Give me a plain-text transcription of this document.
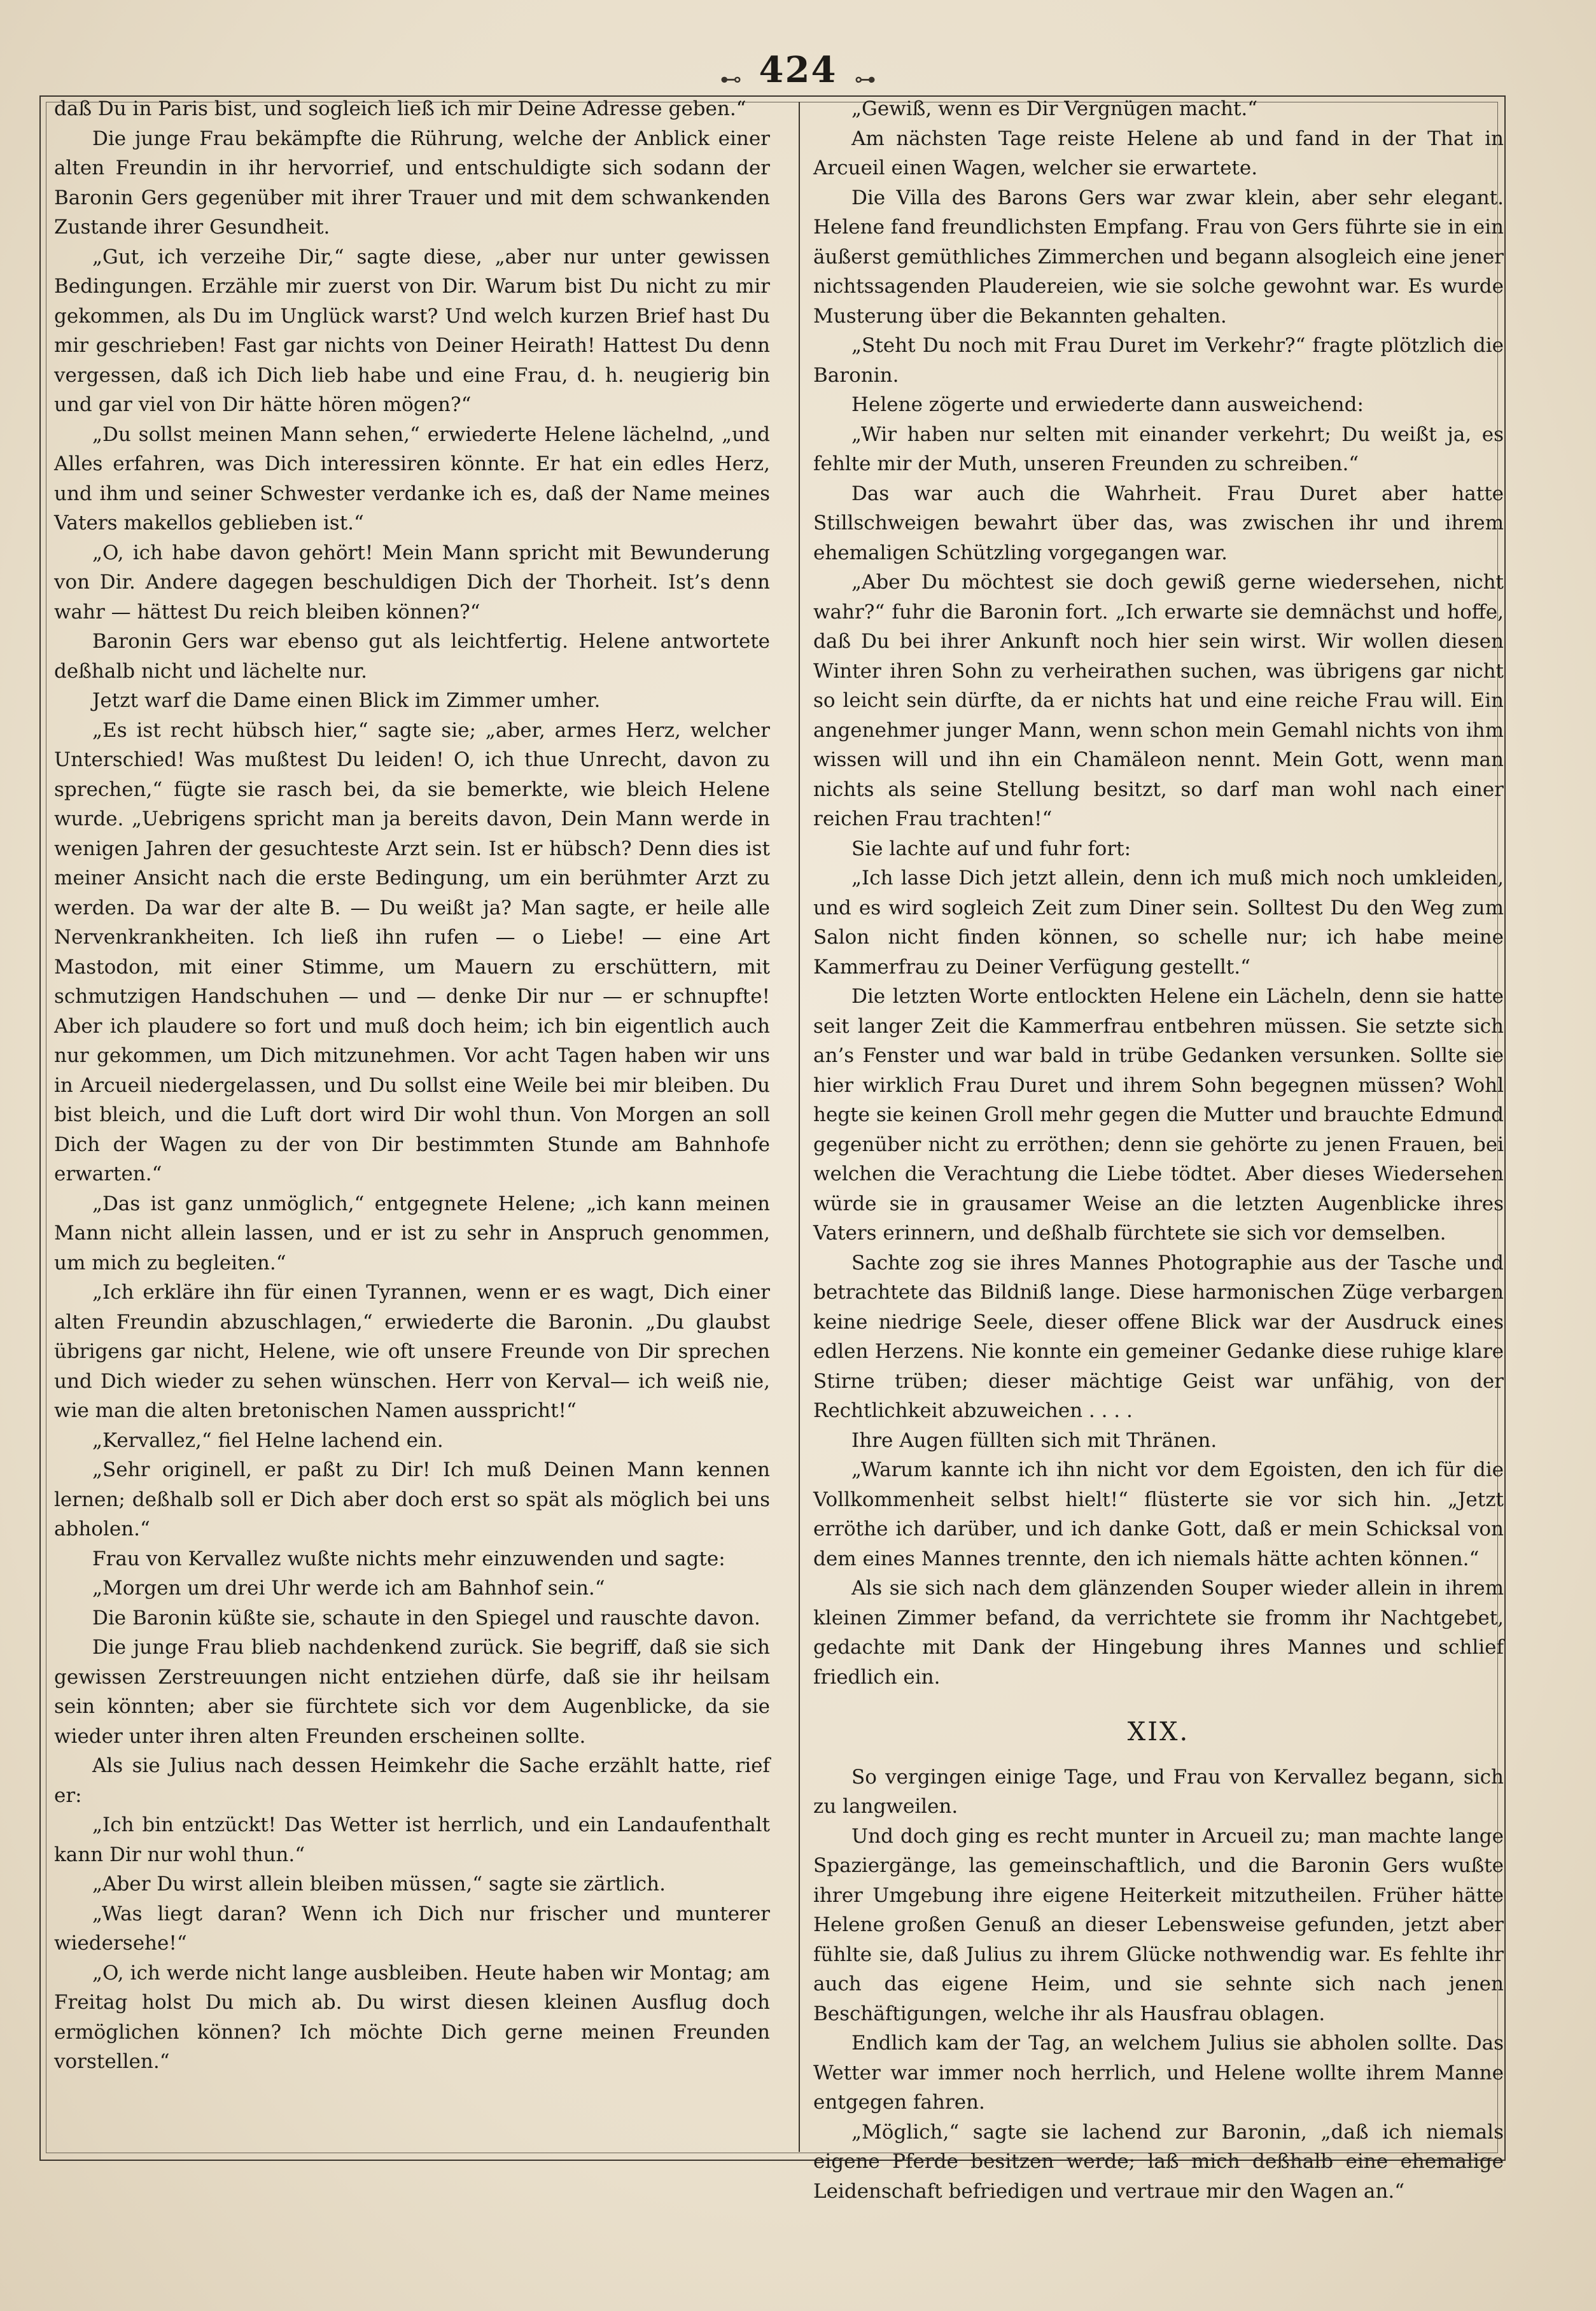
⊷ 424 ⊶

daß Du in Paris bist, und sogleich ließ ich mir Deine Adresse geben.“

Die junge Frau bekämpfte die Rührung, welche der Anblick einer alten Freundin in ihr hervorrief, und entschuldigte sich sodann der Baronin Gers gegenüber mit ihrer Trauer und mit dem schwankenden Zustande ihrer Gesundheit.

„Gut, ich verzeihe Dir,“ sagte diese, „aber nur unter gewissen Bedingungen. Erzähle mir zuerst von Dir. Warum bist Du nicht zu mir gekommen, als Du im Unglück warst? Und welch kurzen Brief hast Du mir geschrieben! Fast gar nichts von Deiner Heirath! Hattest Du denn vergessen, daß ich Dich lieb habe und eine Frau, d. h. neugierig bin und gar viel von Dir hätte hören mögen?“

„Du sollst meinen Mann sehen,“ erwiederte Helene lächelnd, „und Alles erfahren, was Dich interessiren könnte. Er hat ein edles Herz, und ihm und seiner Schwester verdanke ich es, daß der Name meines Vaters makellos geblieben ist.“

„O, ich habe davon gehört! Mein Mann spricht mit Bewunderung von Dir. Andere dagegen beschuldigen Dich der Thorheit. Ist’s denn wahr — hättest Du reich bleiben können?“

Baronin Gers war ebenso gut als leichtfertig. Helene antwortete deßhalb nicht und lächelte nur.

Jetzt warf die Dame einen Blick im Zimmer umher.

„Es ist recht hübsch hier,“ sagte sie; „aber, armes Herz, welcher Unterschied! Was mußtest Du leiden! O, ich thue Unrecht, davon zu sprechen,“ fügte sie rasch bei, da sie bemerkte, wie bleich Helene wurde. „Uebrigens spricht man ja bereits davon, Dein Mann werde in wenigen Jahren der gesuchteste Arzt sein. Ist er hübsch? Denn dies ist meiner Ansicht nach die erste Bedingung, um ein berühmter Arzt zu werden. Da war der alte B. — Du weißt ja? Man sagte, er heile alle Nervenkrankheiten. Ich ließ ihn rufen — o Liebe! — eine Art Mastodon, mit einer Stimme, um Mauern zu erschüttern, mit schmutzigen Handschuhen — und — denke Dir nur — er schnupfte! Aber ich plaudere so fort und muß doch heim; ich bin eigentlich auch nur gekommen, um Dich mitzunehmen. Vor acht Tagen haben wir uns in Arcueil niedergelassen, und Du sollst eine Weile bei mir bleiben. Du bist bleich, und die Luft dort wird Dir wohl thun. Von Morgen an soll Dich der Wagen zu der von Dir bestimmten Stunde am Bahnhofe erwarten.“

„Das ist ganz unmöglich,“ entgegnete Helene; „ich kann meinen Mann nicht allein lassen, und er ist zu sehr in Anspruch genommen, um mich zu begleiten.“

„Ich erkläre ihn für einen Tyrannen, wenn er es wagt, Dich einer alten Freundin abzuschlagen,“ erwiederte die Baronin. „Du glaubst übrigens gar nicht, Helene, wie oft unsere Freunde von Dir sprechen und Dich wieder zu sehen wünschen. Herr von Kerval— ich weiß nie, wie man die alten bretonischen Namen ausspricht!“

„Kervallez,“ fiel Helne lachend ein.

„Sehr originell, er paßt zu Dir! Ich muß Deinen Mann kennen lernen; deßhalb soll er Dich aber doch erst so spät als möglich bei uns abholen.“

Frau von Kervallez wußte nichts mehr einzuwenden und sagte:

„Morgen um drei Uhr werde ich am Bahnhof sein.“

Die Baronin küßte sie, schaute in den Spiegel und rauschte davon.

Die junge Frau blieb nachdenkend zurück. Sie begriff, daß sie sich gewissen Zerstreuungen nicht entziehen dürfe, daß sie ihr heilsam sein könnten; aber sie fürchtete sich vor dem Augenblicke, da sie wieder unter ihren alten Freunden erscheinen sollte.

Als sie Julius nach dessen Heimkehr die Sache erzählt hatte, rief er:

„Ich bin entzückt! Das Wetter ist herrlich, und ein Landaufenthalt kann Dir nur wohl thun.“

„Aber Du wirst allein bleiben müssen,“ sagte sie zärtlich.

„Was liegt daran? Wenn ich Dich nur frischer und munterer wiedersehe!“

„O, ich werde nicht lange ausbleiben. Heute haben wir Montag; am Freitag holst Du mich ab. Du wirst diesen kleinen Ausflug doch ermöglichen können? Ich möchte Dich gerne meinen Freunden vorstellen.“

„Gewiß, wenn es Dir Vergnügen macht.“

Am nächsten Tage reiste Helene ab und fand in der That in Arcueil einen Wagen, welcher sie erwartete.

Die Villa des Barons Gers war zwar klein, aber sehr elegant. Helene fand freundlichsten Empfang. Frau von Gers führte sie in ein äußerst gemüthliches Zimmerchen und begann alsogleich eine jener nichtssagenden Plaudereien, wie sie solche gewohnt war. Es wurde Musterung über die Bekannten gehalten.

„Steht Du noch mit Frau Duret im Verkehr?“ fragte plötzlich die Baronin.

Helene zögerte und erwiederte dann ausweichend:

„Wir haben nur selten mit einander verkehrt; Du weißt ja, es fehlte mir der Muth, unseren Freunden zu schreiben.“

Das war auch die Wahrheit. Frau Duret aber hatte Stillschweigen bewahrt über das, was zwischen ihr und ihrem ehemaligen Schützling vorgegangen war.

„Aber Du möchtest sie doch gewiß gerne wiedersehen, nicht wahr?“ fuhr die Baronin fort. „Ich erwarte sie demnächst und hoffe, daß Du bei ihrer Ankunft noch hier sein wirst. Wir wollen diesen Winter ihren Sohn zu verheirathen suchen, was übrigens gar nicht so leicht sein dürfte, da er nichts hat und eine reiche Frau will. Ein angenehmer junger Mann, wenn schon mein Gemahl nichts von ihm wissen will und ihn ein Chamäleon nennt. Mein Gott, wenn man nichts als seine Stellung besitzt, so darf man wohl nach einer reichen Frau trachten!“

Sie lachte auf und fuhr fort:

„Ich lasse Dich jetzt allein, denn ich muß mich noch umkleiden, und es wird sogleich Zeit zum Diner sein. Solltest Du den Weg zum Salon nicht finden können, so schelle nur; ich habe meine Kammerfrau zu Deiner Verfügung gestellt.“

Die letzten Worte entlockten Helene ein Lächeln, denn sie hatte seit langer Zeit die Kammerfrau entbehren müssen. Sie setzte sich an’s Fenster und war bald in trübe Gedanken versunken. Sollte sie hier wirklich Frau Duret und ihrem Sohn begegnen müssen? Wohl hegte sie keinen Groll mehr gegen die Mutter und brauchte Edmund gegenüber nicht zu erröthen; denn sie gehörte zu jenen Frauen, bei welchen die Verachtung die Liebe tödtet. Aber dieses Wiedersehen würde sie in grausamer Weise an die letzten Augenblicke ihres Vaters erinnern, und deßhalb fürchtete sie sich vor demselben.

Sachte zog sie ihres Mannes Photographie aus der Tasche und betrachtete das Bildniß lange. Diese harmonischen Züge verbargen keine niedrige Seele, dieser offene Blick war der Ausdruck eines edlen Herzens. Nie konnte ein gemeiner Gedanke diese ruhige klare Stirne trüben; dieser mächtige Geist war unfähig, von der Rechtlichkeit abzuweichen . . . .

Ihre Augen füllten sich mit Thränen.

„Warum kannte ich ihn nicht vor dem Egoisten, den ich für die Vollkommenheit selbst hielt!“ flüsterte sie vor sich hin. „Jetzt erröthe ich darüber, und ich danke Gott, daß er mein Schicksal von dem eines Mannes trennte, den ich niemals hätte achten können.“

Als sie sich nach dem glänzenden Souper wieder allein in ihrem kleinen Zimmer befand, da verrichtete sie fromm ihr Nachtgebet, gedachte mit Dank der Hingebung ihres Mannes und schlief friedlich ein.

XIX.

So vergingen einige Tage, und Frau von Kervallez begann, sich zu langweilen.

Und doch ging es recht munter in Arcueil zu; man machte lange Spaziergänge, las gemeinschaftlich, und die Baronin Gers wußte ihrer Umgebung ihre eigene Heiterkeit mitzutheilen. Früher hätte Helene großen Genuß an dieser Lebensweise gefunden, jetzt aber fühlte sie, daß Julius zu ihrem Glücke nothwendig war. Es fehlte ihr auch das eigene Heim, und sie sehnte sich nach jenen Beschäftigungen, welche ihr als Hausfrau oblagen.

Endlich kam der Tag, an welchem Julius sie abholen sollte. Das Wetter war immer noch herrlich, und Helene wollte ihrem Manne entgegen fahren.

„Möglich,“ sagte sie lachend zur Baronin, „daß ich niemals eigene Pferde besitzen werde; laß mich deßhalb eine ehemalige Leidenschaft befriedigen und vertraue mir den Wagen an.“
